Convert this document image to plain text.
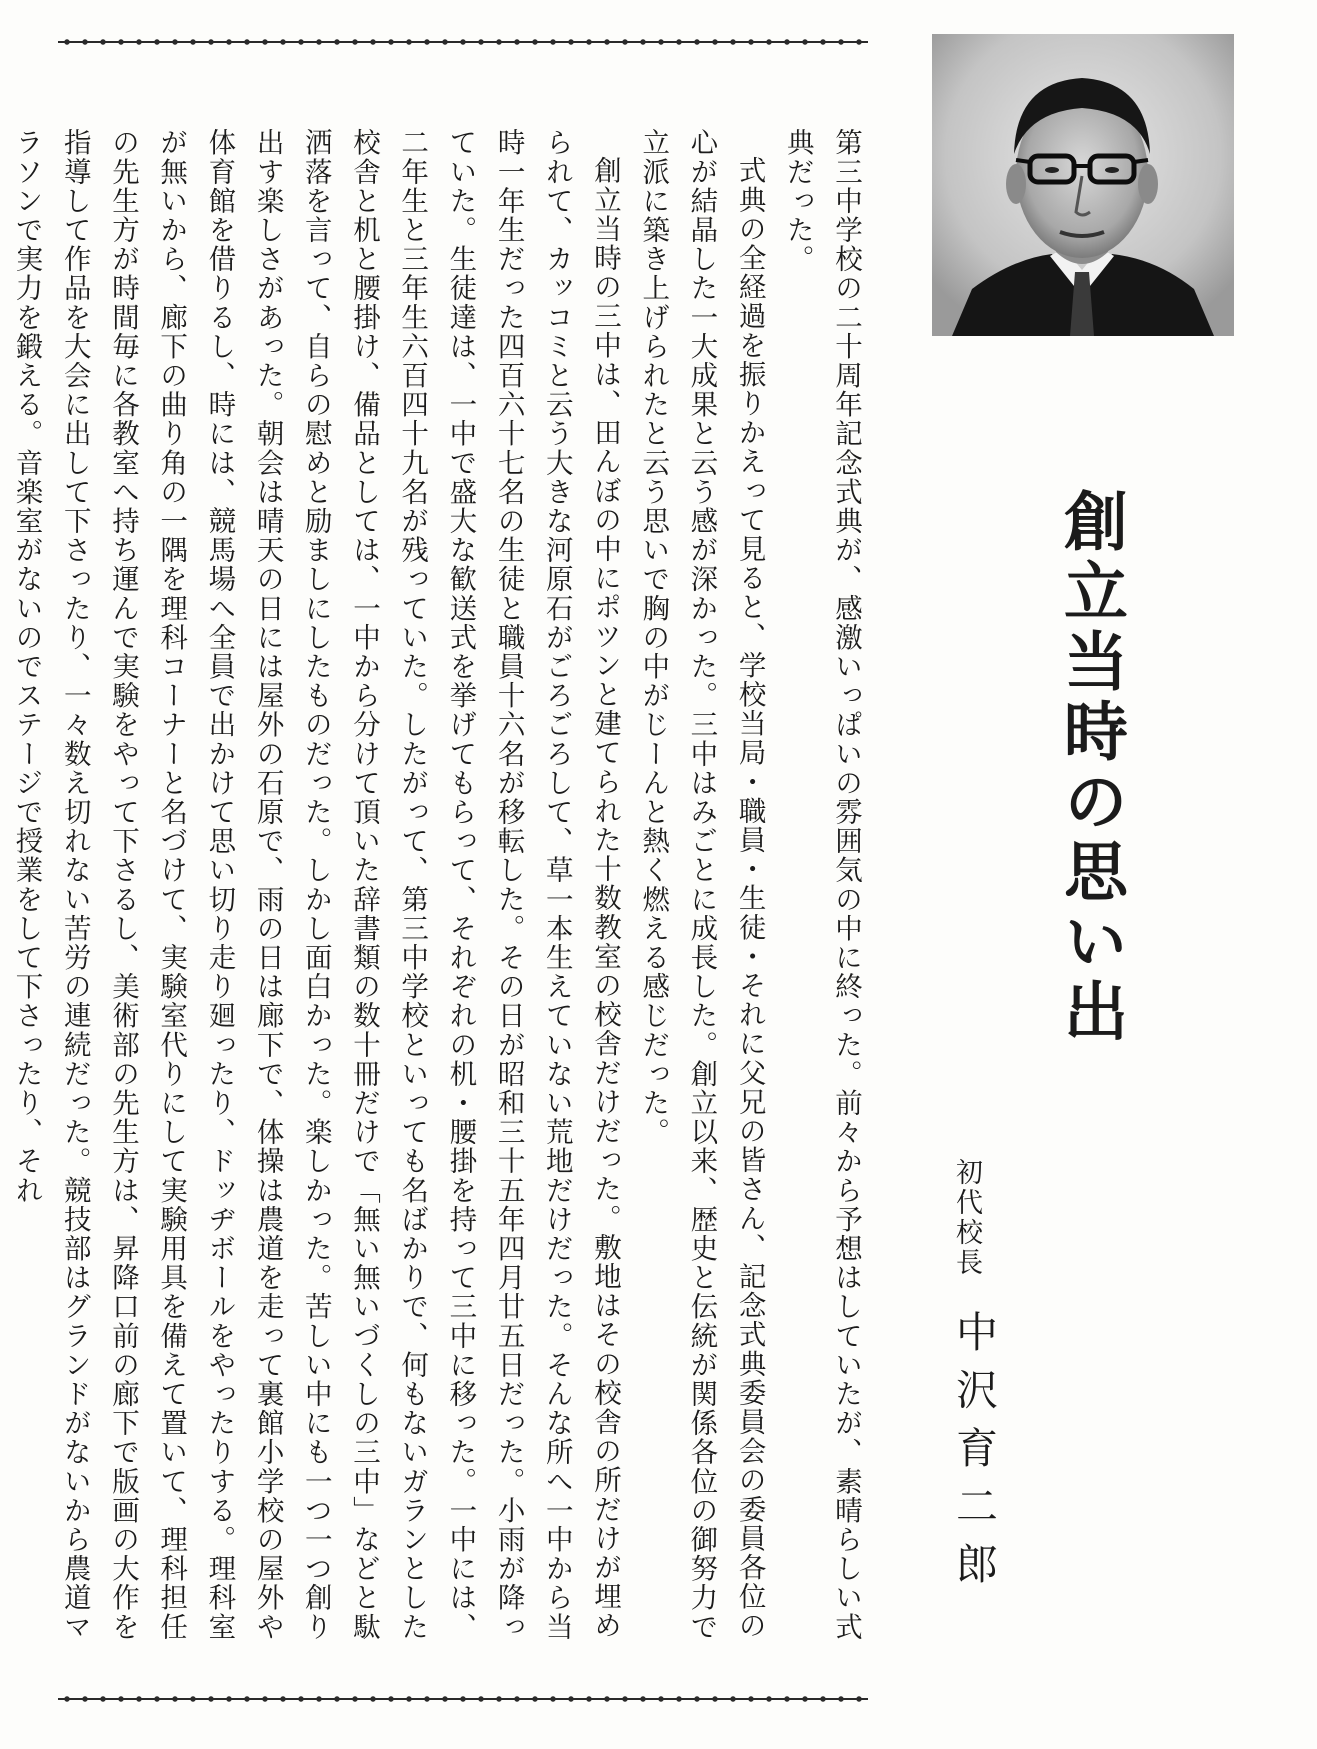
第三中学校の二十周年記念式典が、感激いっぱいの雰囲気の中に終った。前々から予想はしていたが、素晴らしい式典だった。

式典の全経過を振りかえって見ると、学校当局・職員・生徒・それに父兄の皆さん、記念式典委員会の委員各位の心が結晶した一大成果と云う感が深かった。三中はみごとに成長した。創立以来、歴史と伝統が関係各位の御努力で立派に築き上げられたと云う思いで胸の中がじーんと熱く燃える感じだった。

創立当時の三中は、田んぼの中にポツンと建てられた十数教室の校舎だけだった。敷地はその校舎の所だけが埋められて、カッコミと云う大きな河原石がごろごろして、草一本生えていない荒地だけだった。そんな所へ一中から当時一年生だった四百六十七名の生徒と職員十六名が移転した。その日が昭和三十五年四月廿五日だった。小雨が降っていた。生徒達は、一中で盛大な歓送式を挙げてもらって、それぞれの机・腰掛を持って三中に移った。一中には、二年生と三年生六百四十九名が残っていた。したがって、第三中学校といっても名ばかりで、何もないガランとした校舎と机と腰掛け、備品としては、一中から分けて頂いた辞書類の数十冊だけで「無い無いづくしの三中」などと駄洒落を言って、自らの慰めと励ましにしたものだった。しかし面白かった。楽しかった。苦しい中にも一つ一つ創り出す楽しさがあった。朝会は晴天の日には屋外の石原で、雨の日は廊下で、体操は農道を走って裏館小学校の屋外や体育館を借りるし、時には、競馬場へ全員で出かけて思い切り走り廻ったり、ドッヂボールをやったりする。理科室が無いから、廊下の曲り角の一隅を理科コーナーと名づけて、実験室代りにして実験用具を備えて置いて、理科担任の先生方が時間毎に各教室へ持ち運んで実験をやって下さるし、美術部の先生方は、昇降口前の廊下で版画の大作を指導して作品を大会に出して下さったり、一々数え切れない苦労の連続だった。競技部はグランドがないから農道マラソンで実力を鍛える。音楽室がないのでステージで授業をして下さったり、それ	創立当時の思い出
初代校長
中沢育二郎
